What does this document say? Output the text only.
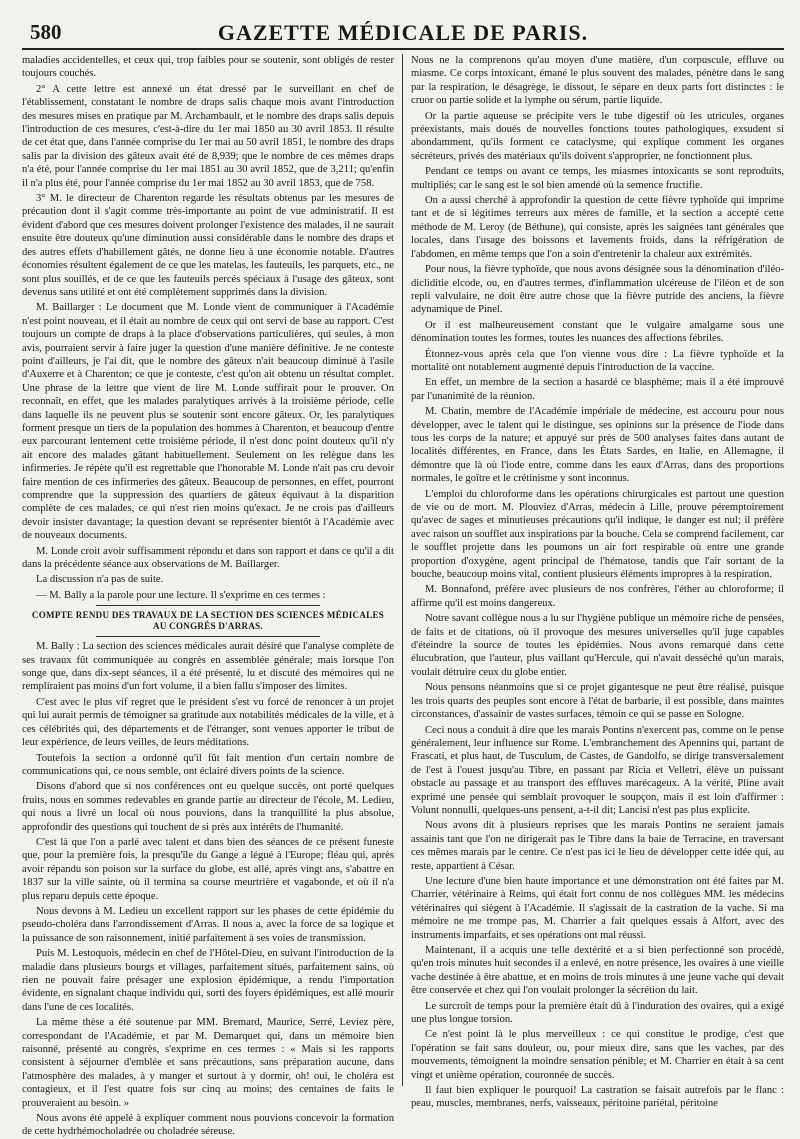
580	GAZETTE MÉDICALE DE PARIS.

maladies accidentelles, et ceux qui, trop faibles pour se soutenir, sont obligés de rester toujours couchés.

2° A cette lettre est annexé un état dressé par le surveillant en chef de l'établissement, constatant le nombre de draps salis chaque mois avant l'introduction des mesures mises en pratique par M. Archambault, et le nombre des draps salis depuis l'introduction de ces mesures, c'est-à-dire du 1er mai 1850 au 30 avril 1853. Il résulte de cet état que, dans l'année comprise du 1er mai au 50 avril 1851, le nombre des draps salis par la division des gâteux avait été de 8,939; que le nombre de ces mêmes draps n'a été, pour l'année comprise du 1er mai 1851 au 30 avril 1852, que de 3,211; qu'enfin il n'a plus été, pour l'année comprise du 1er mai 1852 au 30 avril 1853, que de 758.

3° M. le directeur de Charenton regarde les résultats obtenus par les mesures de précaution dont il s'agit comme très-importante au point de vue administratif. Il est évident d'abord que ces mesures doivent prolonger l'existence des malades, il ne saurait ensuite être douteux qu'une diminution aussi considérable dans le nombre des draps et des autres effets d'habillement gâtés, ne donne lieu à une économie notable. D'autres économies résultent également de ce que les matelas, les fauteuils, les parquets, etc., ne sont plus souillés, et de ce que les fauteuils percés spéciaux à l'usage des gâteux, sont devenus sans utilité et ont été complètement supprimés dans la division.

M. Baillarger : Le document que M. Londe vient de communiquer à l'Académie n'est point nouveau, et il était au nombre de ceux qui ont servi de base au rapport. C'est toujours un compte de draps à la place d'observations particulières, qui seules, à mon avis, pourraient servir à faire juger la question d'une manière définitive. Je ne conteste point d'ailleurs, je l'ai dit, que le nombre des gâteux n'ait beaucoup diminué à l'asile d'Auxerre et à Charenton; ce que je conteste, c'est qu'on ait obtenu un résultat complet. Une phrase de la lettre que vient de lire M. Londe suffirait pour le prouver. On reconnaît, en effet, que les malades paralytiques arrivés à la troisième période, celle dans laquelle ils ne peuvent plus se soutenir sont encore gâteux. Or, les paralytiques forment presque un tiers de la population des hommes à Charenton, et beaucoup d'entre eux parcourant lentement cette troisième période, il n'est donc point douteux qu'il n'y ait encore des malades gâtant habituellement. Seulement on les relègue dans les infirmeries. Je répète qu'il est regrettable que l'honorable M. Londe n'ait pas cru devoir faire mention de ces infirmeries des gâteux. Beaucoup de personnes, en effet, pourront comprendre que la suppression des quartiers de gâteux équivaut à la disparition complète de ces malades, ce qui n'est rien moins qu'exact. Je ne crois pas d'ailleurs devoir insister davantage; la question devant se représenter bientôt à l'Académie avec de nouveaux documents.

M. Londe croit avoir suffisamment répondu et dans son rapport et dans ce qu'il a dit dans la précédente séance aux observations de M. Baillarger.

La discussion n'a pas de suite.

— M. Bally a la parole pour une lecture. Il s'exprime en ces termes :

COMPTE RENDU DES TRAVAUX DE LA SECTION DES SCIENCES MÉDICALES
AU CONGRÈS D'ARRAS.

M. Bally : La section des sciences médicales aurait désiré que l'analyse complète de ses travaux fût communiquée au congrès en assemblée générale; mais lorsque l'on songe que, dans dix-sept séances, il a été présenté, lu et discuté des mémoires qui ne rempliraient pas moins d'un fort volume, il a bien fallu s'imposer des limites.

C'est avec le plus vif regret que le président s'est vu forcé de renoncer à un projet qui lui aurait permis de témoigner sa gratitude aux notabilités médicales de la ville, et à ces célébrités qui, des départements et de l'étranger, sont venues apporter le tribut de leur expérience, de leurs veilles, de leurs méditations.

Toutefois la section a ordonné qu'il fût fait mention d'un certain nombre de communications qui, ce nous semble, ont éclairé divers points de la science.

Disons d'abord que si nos conférences ont eu quelque succès, ont porté quelques fruits, nous en sommes redevables en grande partie au directeur de l'école, M. Ledieu, qui nous a livré un local où nous pouvions, dans la tranquillité la plus absolue, approfondir des questions qui touchent de si près aux intérêts de l'humanité.

C'est là que l'on a parlé avec talent et dans bien des séances de ce présent funeste que, pour la première fois, la presqu'île du Gange a légué à l'Europe; fléau qui, après avoir répandu son poison sur la surface du globe, est allé, après vingt ans, s'abattre en 1837 sur la ville sainte, où il termina sa course meurtrière et vagabonde, et où il n'a plus reparu depuis cette époque.

Nous devons à M. Ledieu un excellent rapport sur les phases de cette épidémie du pseudo-choléra dans l'arrondissement d'Arras. Il nous a, avec la force de sa logique et la puissance de son raisonnement, initié parfaitement à ses voies de transmission.

Puis M. Lestoquois, médecin en chef de l'Hôtel-Dieu, en suivant l'introduction de la maladie dans plusieurs bourgs et villages, parfaitement situés, parfaitement sains, où rien ne pouvait faire présager une explosion épidémique, a rendu l'importation évidente, en signalant chaque individu qui, sorti des foyers épidémiques, est allé mourir dans l'une de ces localités.

La même thèse a été soutenue par MM. Bremard, Maurice, Serré, Leviez père, correspondant de l'Académie, et par M. Demarquet qui, dans un mémoire bien raisonné, présenté au congrès, s'exprime en ces termes : « Mais si les rapports consistent à séjourner d'emblée et sans précautions, sans préparation aucune, dans l'atmosphère des malades, à y manger et surtout à y dormir, oh! oui, le choléra est contagieux, et il l'est quatre fois sur cinq au moins; des centaines de faits le prouveraient au besoin. »

Nous avons été appelé à expliquer comment nous pouvions concevoir la formation de cette hydrhémocholadrée ou choladrée séreuse.

Nous ne la comprenons qu'au moyen d'une matière, d'un corpuscule, effluve ou miasme. Ce corps intoxicant, émané le plus souvent des malades, pénètre dans le sang par la respiration, le désagrège, le dissout, le sépare en deux parts fort distinctes : le cruor ou partie solide et la lymphe ou sérum, partie liquide.

Or la partie aqueuse se précipite vers le tube digestif où les utricules, organes préexistants, mais doués de nouvelles fonctions toutes pathologiques, exsudent si abondamment, qu'ils forment ce cataclysme, qui explique comment les organes sécréteurs, privés des matériaux qu'ils doivent s'approprier, ne fonctionnent plus.

Pendant ce temps ou avant ce temps, les miasmes intoxicants se sont reproduits, multipliés; car le sang est le sol bien amendé où la semence fructifie.

On a aussi cherché à approfondir la question de cette fièvre typhoïde qui imprime tant et de si légitimes terreurs aux mères de famille, et la section a accepté cette méthode de M. Leroy (de Béthune), qui consiste, après les saignées tant générales que locales, dans l'usage des boissons et lavements froids, dans la réfrigération de l'abdomen, en même temps que l'on a soin d'entretenir la chaleur aux extrémités.

Pour nous, la fièvre typhoïde, que nous avons désignée sous la dénomination d'iléo-dicliditie elcode, ou, en d'autres termes, d'inflammation ulcéreuse de l'iléon et de son repli valvulaire, ne doit être autre chose que la fièvre putride des anciens, la fièvre adynamique de Pinel.

Or il est malheureusement constant que le vulgaire amalgame sous une dénomination toutes les formes, toutes les nuances des affections fébriles.

Étonnez-vous après cela que l'on vienne vous dire : La fièvre typhoïde et la mortalité ont notablement augmenté depuis l'introduction de la vaccine.

En effet, un membre de la section a hasardé ce blasphème; mais il a été improuvé par l'unanimité de la réunion.

M. Chatin, membre de l'Académie impériale de médecine, est accouru pour nous développer, avec le talent qui le distingue, ses opinions sur la présence de l'iode dans tous les corps de la nature; et appuyé sur près de 500 analyses faites dans autant de localités différentes, en France, dans les États Sardes, en Italie, en Allemagne, il démontre que là où l'iode entre, comme dans les eaux d'Arras, dans des proportions normales, le goître et le crétinisme y sont inconnus.

L'emploi du chloroforme dans les opérations chirurgicales est partout une question de vie ou de mort. M. Plouviez d'Arras, médecin à Lille, prouve péremptoirement qu'avec de sages et minutieuses précautions qu'il indique, le danger est nul; il préfère avec raison un soufflet aux inspirations par la bouche. Cela se comprend facilement, car le soufflet projette dans les poumons un air fort respirable où entre une grande proportion d'oxygène, agent principal de l'hématose, tandis que l'air sortant de la bouche, beaucoup moins vital, contient plusieurs éléments impropres à la respiration.

M. Bonnafond, préfère avec plusieurs de nos confrères, l'éther au chloroforme; il affirme qu'il est moins dangereux.

Notre savant collègue nous a lu sur l'hygiène publique un mémoire riche de pensées, de faits et de citations, où il provoque des mesures universelles qu'il juge capables d'éteindre la source de toutes les épidémies. Nous avons remarqué dans cette élucubration, que l'auteur, plus vaillant qu'Hercule, qui n'avait desséché qu'un marais, voulait détruire ceux du globe entier.

Nous pensons néanmoins que si ce projet gigantesque ne peut être réalisé, puisque les trois quarts des peuples sont encore à l'état de barbarie, il est possible, dans maintes circonstances, d'assainir de vastes surfaces, témoin ce qui se passe en Sologne.

Ceci nous a conduit à dire que les marais Pontins n'exercent pas, comme on le pense généralement, leur influence sur Rome. L'embranchement des Apennins qui, partant de Frascati, et plus haut, de Tusculum, de Castes, de Gandolfo, se dirige transversalement de l'est à l'ouest jusqu'au Tibre, en passant par Ricia et Velletri, élève un puissant obstacle au passage et au transport des effluves marécageux. A la vérité, Pline avait exprimé une pensée qui semblait provoquer le soupçon, mais il est loin d'affirmer : Volunt nonnulli, quelques-uns pensent, a-t-il dit; Lancisi n'est pas plus explicite.

Nous avons dit à plusieurs reprises que les marais Pontins ne seraient jamais assainis tant que l'on ne dirigerait pas le Tibre dans la baie de Terracine, en traversant ces mêmes marais par le centre. Ce n'est pas ici le lieu de développer cette idée qui, au reste, appartient à César.

Une lecture d'une bien haute importance et une démonstration ont été faites par M. Charrier, vétérinaire à Reims, qui était fort connu de nos collègues MM. les médecins vétérinaires qui siègent à l'Académie. Il s'agissait de la castration de la vache. Si ma mémoire ne me trompe pas, M. Charrier a fait quelques essais à Alfort, avec des instruments imparfaits, et ses opérations ont mal réussi.

Maintenant, il a acquis une telle dextérité et a si bien perfectionné son procédé, qu'en trois minutes huit secondes il a enlevé, en notre présence, les ovaires à une vieille vache destinée à être abattue, et en moins de trois minutes à une jeune vache qui devait être conservée et chez qui l'on voulait prolonger la sécrétion du lait.

Le surcroît de temps pour la première était dû à l'induration des ovaires, qui a exigé une plus longue torsion.

Ce n'est point là le plus merveilleux : ce qui constitue le prodige, c'est que l'opération se fait sans douleur, ou, pour mieux dire, sans que les vaches, par des mouvements, témoignent la moindre sensation pénible; et M. Charrier en était à sa cent vingt et unième opération, couronnée de succès.

Il faut bien expliquer le pourquoi! La castration se faisait autrefois par le flanc : peau, muscles, membranes, nerfs, vaisseaux, péritoine pariétal, péritoine
